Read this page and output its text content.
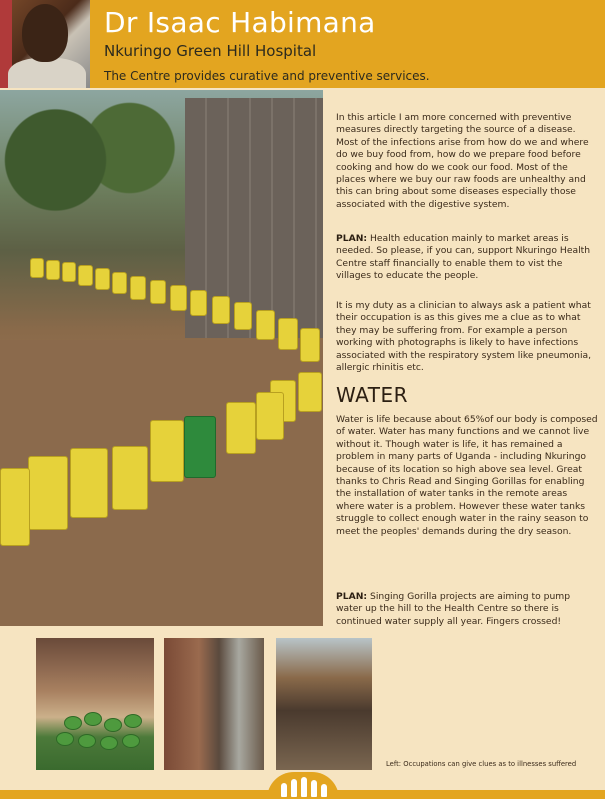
Dr Isaac Habimana
Nkuringo Green Hill Hospital
The Centre provides curative and preventive services.

In this article I am more concerned with preventive measures directly targeting the source of a disease. Most of the infections arise from how do we and where do we buy food from, how do we prepare food before cooking and how do we cook our food. Most of the places where we buy our raw foods are unhealthy and this can bring about some diseases especially those associated with the digestive system.

PLAN: Health education mainly to market areas is needed. So please, if you can, support Nkuringo Health Centre staff financially to enable them to vist the villages to educate the people.

It is my duty as a clinician to always ask a patient what their occupation is as this gives me a clue as to what they may be suffering from. For example a person working with photographs is likely to have infections associated with the respiratory system like pneumonia, allergic rhinitis etc.

WATER

Water is life because about 65%of our body is composed of water. Water has many functions and we cannot live without it. Though water is life, it has remained a problem in many parts of Uganda - including Nkuringo because of its location so high above sea level. Great thanks to Chris Read and Singing Gorillas for enabling the installation of water tanks in the remote areas where water is a problem. However these water tanks struggle to collect enough water in the rainy season to meet the peoples' demands during the dry season.

PLAN: Singing Gorilla projects are aiming to pump water up the hill to the Health Centre so there is continued water supply all year. Fingers crossed!

Left: Occupations can give clues as to illnesses suffered
